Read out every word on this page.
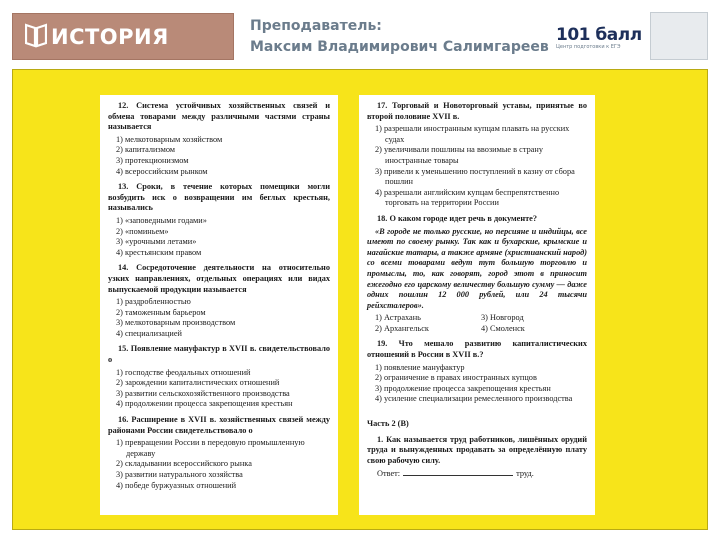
ИСТОРИЯ	Преподаватель:
Максим Владимирович Салимгареев
101 балл
Центр подготовки к ЕГЭ
12. Система устойчивых хозяйственных связей и обмена товарами между различными частями страны называется
1) мелкотоварным хозяйством
2) капитализмом
3) протекционизмом
4) всероссийским рынком
13. Сроки, в течение которых помещики могли возбудить иск о возвращении им беглых крестьян, назывались
1) «заповедными годами»
2) «поминьем»
3) «урочными летами»
4) крестьянским правом
14. Сосредоточение деятельности на относительно узких направлениях, отдельных операциях или видах выпускаемой продукции называется
1) раздробленностью
2) таможенным барьером
3) мелкотоварным производством
4) специализацией
15. Появление мануфактур в XVII в. свидетельствовало о
1) господстве феодальных отношений
2) зарождении капиталистических отношений
3) развитии сельскохозяйственного производства
4) продолжении процесса закрепощения крестьян
16. Расширение в XVII в. хозяйственных связей между районами России свидетельствовало о
1) превращении России в передовую промышленную державу
2) складывании всероссийского рынка
3) развитии натурального хозяйства
4) победе буржуазных отношений
17. Торговый и Новоторговый уставы, принятые во второй половине XVII в.
1) разрешали иностранным купцам плавать на русских судах
2) увеличивали пошлины на ввозимые в страну иностранные товары
3) привели к уменьшению поступлений в казну от сбора пошлин
4) разрешали английским купцам беспрепятственно торговать на территории России
18. О каком городе идет речь в документе?
«В городе не только русские, но персияне и индийцы, все имеют по своему рынку. Так как и бухарские, крымские и нагайские татары, а также армяне (христианский народ) со всеми товарами ведут тут большую торговлю и промыслы, то, как говорят, город этот в приносит ежегодно его царскому величеству большую сумму — даже одних пошлин 12 000 рублей, или 24 тысячи рейхсталеров».
1) Астрахань	3) Новгород
2) Архангельск	4) Смоленск
19. Что мешало развитию капиталистических отношений в России в XVII в.?
1) появление мануфактур
2) ограничение в правах иностранных купцов
3) продолжение процесса закрепощения крестьян
4) усиление специализации ремесленного производства
Часть 2 (В)
1. Как называется труд работников, лишённых орудий труда и вынужденных продавать за определённую плату свою рабочую силу.
Ответ:	труд.
